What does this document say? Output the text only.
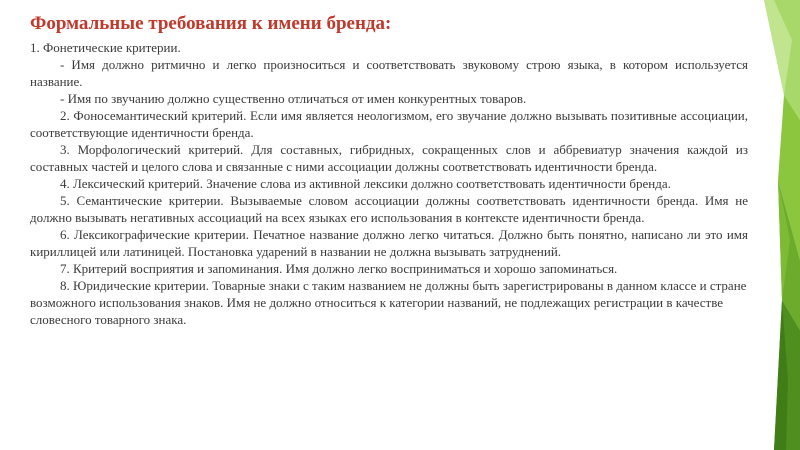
Формальные требования к имени бренда:

1. Фонетические критерии.

- Имя должно ритмично и легко произноситься и соответствовать звуковому строю языка, в котором используется название.

- Имя по звучанию должно существенно отличаться от имен конкурентных товаров.

2. Фоносемантический критерий. Если имя является неологизмом, его звучание должно вызывать позитивные ассоциации, соответствующие идентичности бренда.

3. Морфологический критерий. Для составных, гибридных, сокращенных слов и аббревиатур значения каждой из составных частей и целого слова и связанные с ними ассоциации должны соответствовать идентичности бренда.

4. Лексический критерий. Значение слова из активной лексики должно соответствовать идентичности бренда.

5. Семантические критерии. Вызываемые словом ассоциации должны соответствовать идентичности бренда. Имя не должно вызывать негативных ассоциаций на всех языках его использования в контексте идентичности бренда.

6. Лексикографические критерии. Печатное название должно легко читаться. Должно быть понятно, написано ли это имя кириллицей или латиницей. Постановка ударений в названии не должна вызывать затруднений.

7. Критерий восприятия и запоминания. Имя должно легко восприниматься и хорошо запоминаться.

8. Юридические критерии. Товарные знаки с таким названием не должны быть зарегистрированы в данном классе и стране возможного использования знаков. Имя не должно относиться к категории названий, не подлежащих регистрации в качестве словесного товарного знака.
